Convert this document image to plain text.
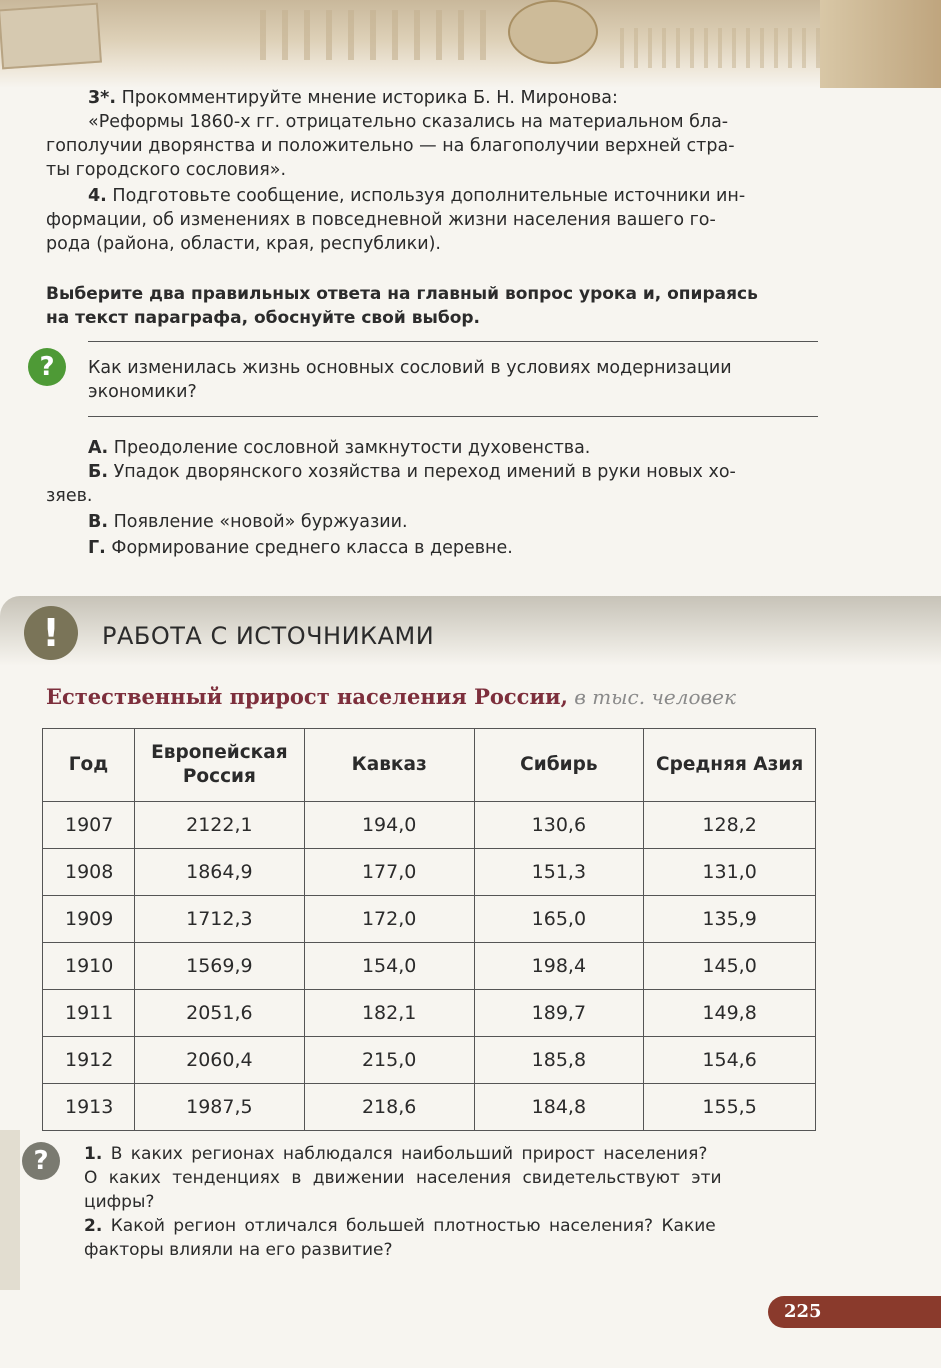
3*. Прокомментируйте мнение историка Б. Н. Миронова:
«Реформы 1860-х гг. отрицательно сказались на материальном бла-
гополучии дворянства и положительно — на благополучии верхней стра-
ты городского сословия».
4. Подготовьте сообщение, используя дополнительные источники ин-
формации, об изменениях в повседневной жизни населения вашего го-
рода (района, области, края, республики).
Выберите два правильных ответа на главный вопрос урока и, опираясь
на текст параграфа, обоснуйте свой выбор.
?	Как изменилась жизнь основных сословий в условиях модернизации
экономики?
А. Преодоление сословной замкнутости духовенства.
Б. Упадок дворянского хозяйства и переход имений в руки новых хо-
зяев.
В. Появление «новой» буржуазии.
Г. Формирование среднего класса в деревне.
!	РАБОТА С ИСТОЧНИКАМИ
Естественный прирост населения России, в тыс. человек
Год	Европейская Россия	Кавказ	Сибирь	Средняя Азия
1907	2122,1	194,0	130,6	128,2
1908	1864,9	177,0	151,3	131,0
1909	1712,3	172,0	165,0	135,9
1910	1569,9	154,0	198,4	145,0
1911	2051,6	182,1	189,7	149,8
1912	2060,4	215,0	185,8	154,6
1913	1987,5	218,6	184,8	155,5
?	1. В каких регионах наблюдался наибольший прирост населения?
О каких тенденциях в движении населения свидетельствуют эти
цифры?
2. Какой регион отличался большей плотностью населения? Какие
факторы влияли на его развитие?
225
